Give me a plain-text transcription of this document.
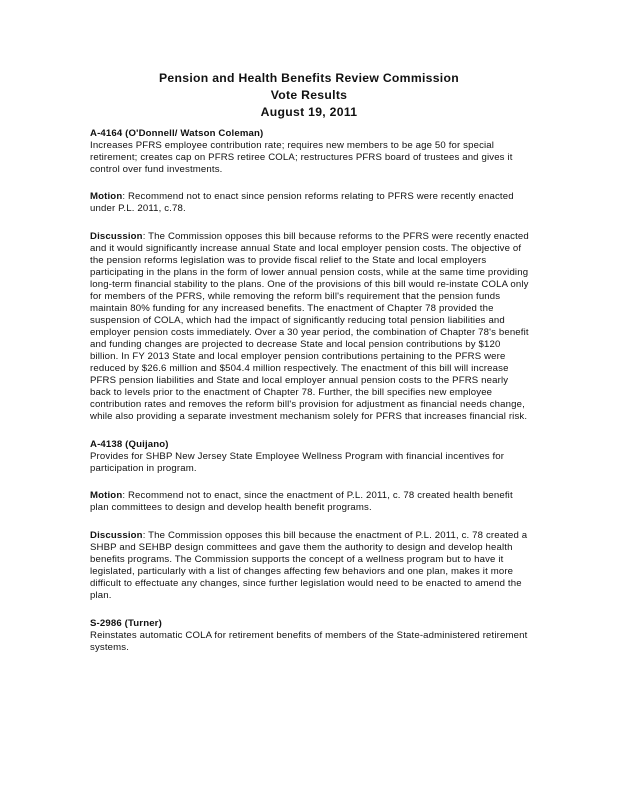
Pension and Health Benefits Review Commission
Vote Results
August 19, 2011
A-4164 (O'Donnell/ Watson Coleman)
Increases PFRS employee contribution rate; requires new members to be age 50 for special retirement; creates cap on PFRS retiree COLA; restructures PFRS board of trustees and gives it control over fund investments.

Motion: Recommend not to enact since pension reforms relating to PFRS were recently enacted under P.L. 2011, c.78.

Discussion: The Commission opposes this bill because reforms to the PFRS were recently enacted and it would significantly increase annual State and local employer pension costs. The objective of the pension reforms legislation was to provide fiscal relief to the State and local employers participating in the plans in the form of lower annual pension costs, while at the same time providing long-term financial stability to the plans. One of the provisions of this bill would re-instate COLA only for members of the PFRS, while removing the reform bill's requirement that the pension funds maintain 80% funding for any increased benefits. The enactment of Chapter 78 provided the suspension of COLA, which had the impact of significantly reducing total pension liabilities and employer pension costs immediately. Over a 30 year period, the combination of Chapter 78's benefit and funding changes are projected to decrease State and local pension contributions by $120 billion. In FY 2013 State and local employer pension contributions pertaining to the PFRS were reduced by $26.6 million and $504.4 million respectively. The enactment of this bill will increase PFRS pension liabilities and State and local employer annual pension costs to the PFRS nearly back to levels prior to the enactment of Chapter 78. Further, the bill specifies new employee contribution rates and removes the reform bill's provision for adjustment as financial needs change, while also providing a separate investment mechanism solely for PFRS that increases financial risk.

A-4138 (Quijano)
Provides for SHBP New Jersey State Employee Wellness Program with financial incentives for participation in program.

Motion: Recommend not to enact, since the enactment of P.L. 2011, c. 78 created health benefit plan committees to design and develop health benefit programs.

Discussion: The Commission opposes this bill because the enactment of P.L. 2011, c. 78 created a SHBP and SEHBP design committees and gave them the authority to design and develop health benefits programs. The Commission supports the concept of a wellness program but to have it legislated, particularly with a list of changes affecting few behaviors and one plan, makes it more difficult to effectuate any changes, since further legislation would need to be enacted to amend the plan.

S-2986 (Turner)
Reinstates automatic COLA for retirement benefits of members of the State-administered retirement systems.
